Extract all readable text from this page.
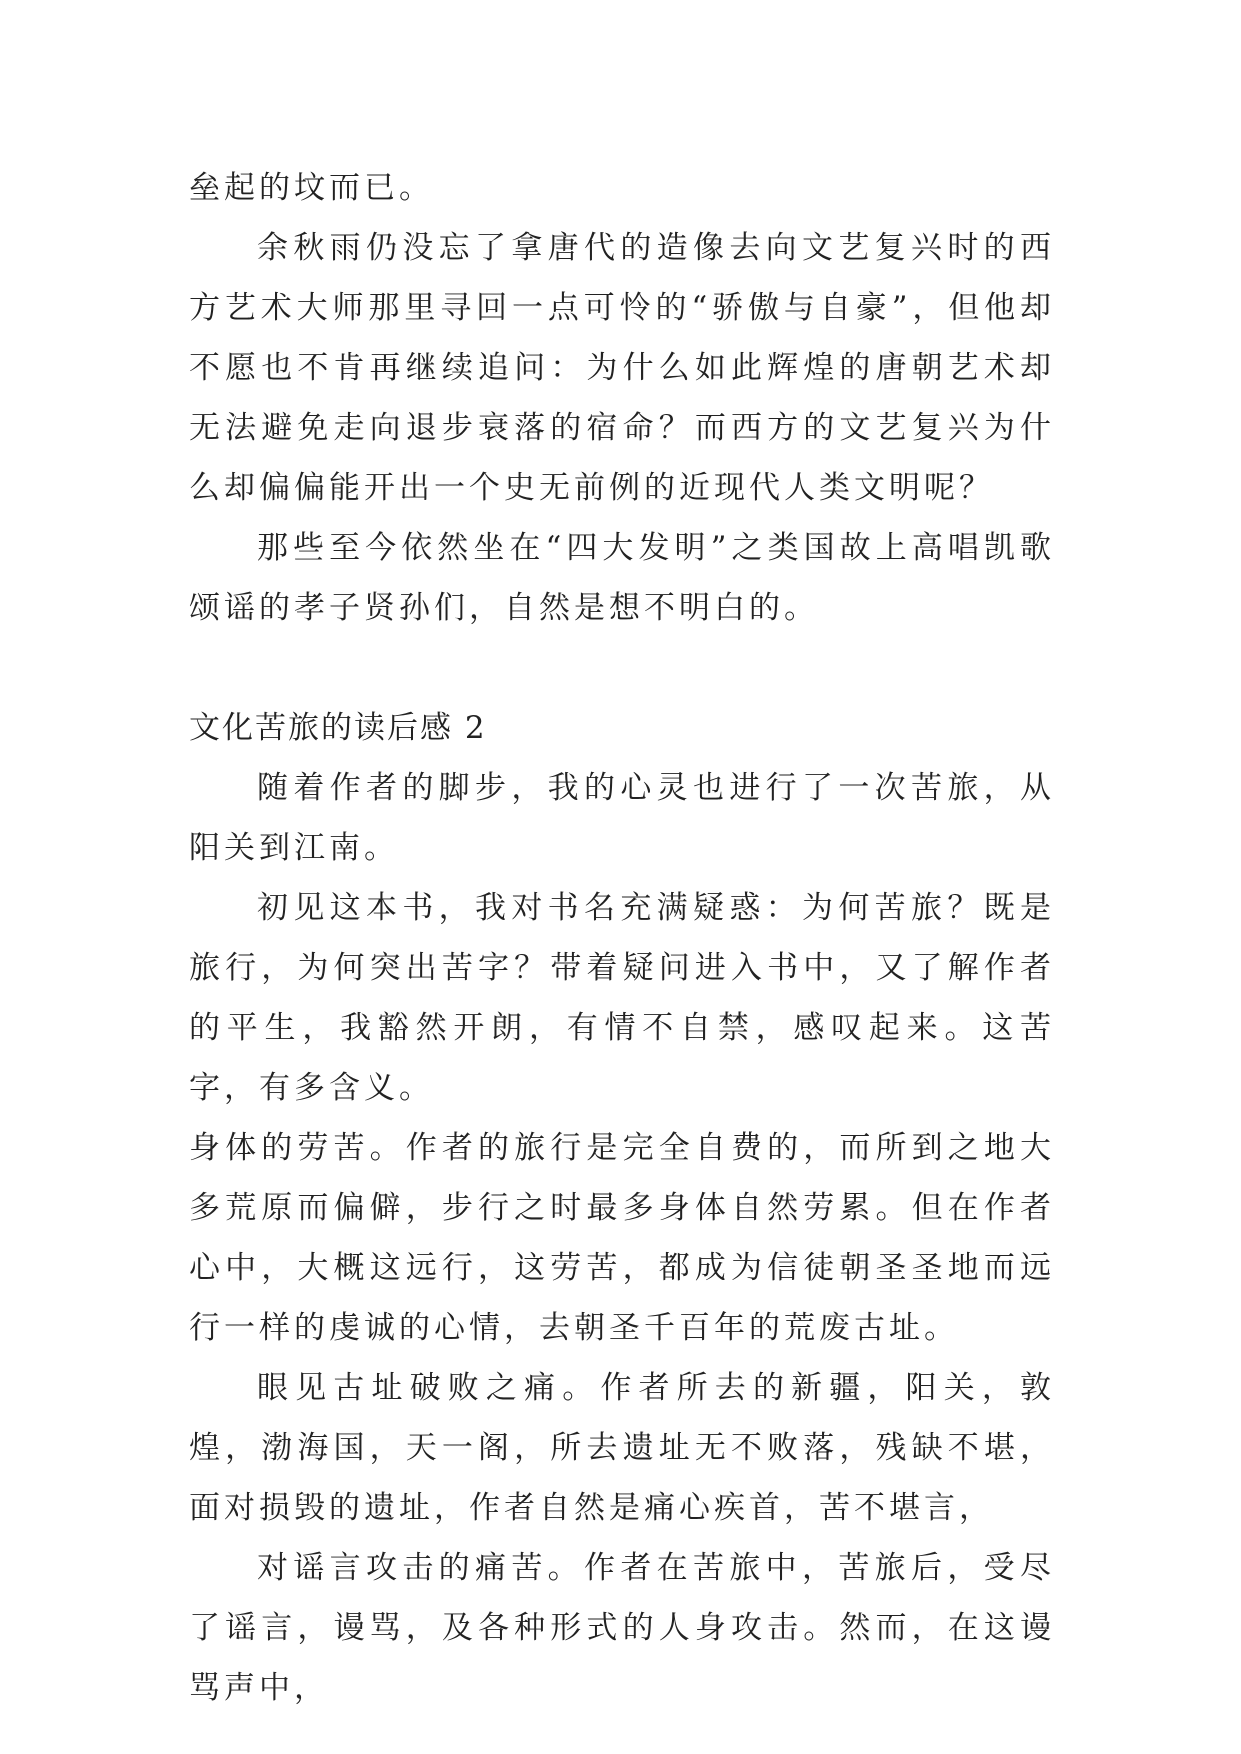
垒起的坟而已。

余秋雨仍没忘了拿唐代的造像去向文艺复兴时的西方艺术大师那里寻回一点可怜的“骄傲与自豪”，但他却不愿也不肯再继续追问：为什么如此辉煌的唐朝艺术却无法避免走向退步衰落的宿命？而西方的文艺复兴为什么却偏偏能开出一个史无前例的近现代人类文明呢？

那些至今依然坐在“四大发明”之类国故上高唱凯歌颂谣的孝子贤孙们，自然是想不明白的。

文化苦旅的读后感 2

随着作者的脚步，我的心灵也进行了一次苦旅，从阳关到江南。

初见这本书，我对书名充满疑惑：为何苦旅？既是旅行，为何突出苦字？带着疑问进入书中，又了解作者的平生，我豁然开朗，有情不自禁，感叹起来。这苦字，有多含义。

身体的劳苦。作者的旅行是完全自费的，而所到之地大多荒原而偏僻，步行之时最多身体自然劳累。但在作者心中，大概这远行，这劳苦，都成为信徒朝圣圣地而远行一样的虔诚的心情，去朝圣千百年的荒废古址。

眼见古址破败之痛。作者所去的新疆，阳关，敦煌，渤海国，天一阁，所去遗址无不败落，残缺不堪，面对损毁的遗址，作者自然是痛心疾首，苦不堪言，

对谣言攻击的痛苦。作者在苦旅中，苦旅后，受尽了谣言，谩骂，及各种形式的人身攻击。然而，在这谩骂声中，
